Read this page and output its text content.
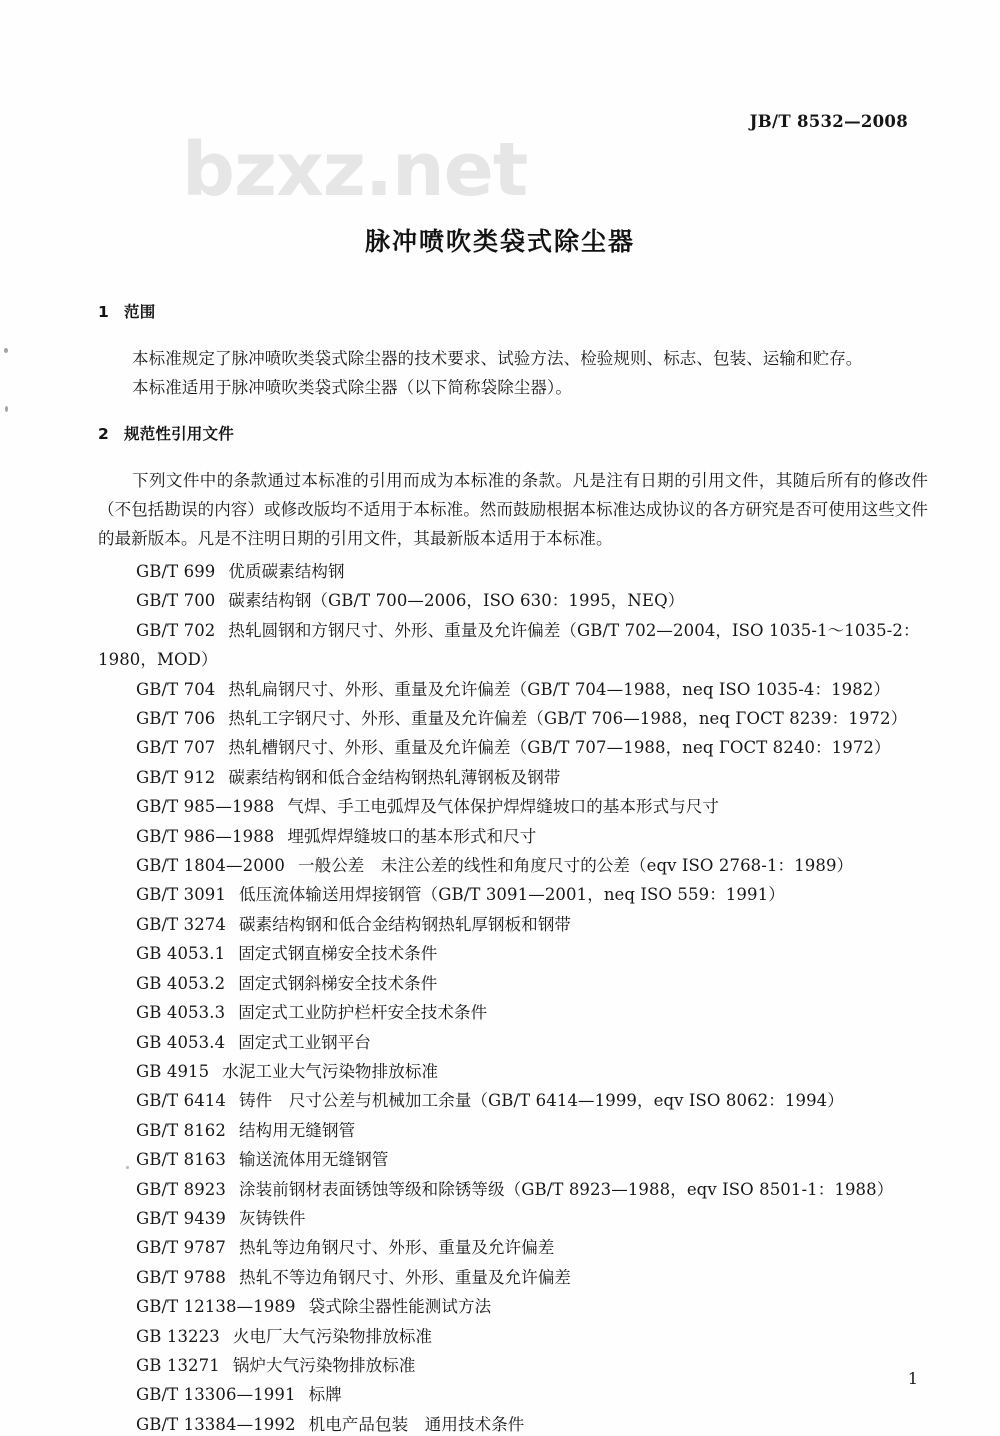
bzxz.net
JB/T 8532—2008
脉冲喷吹类袋式除尘器
1 范围

本标准规定了脉冲喷吹类袋式除尘器的技术要求、试验方法、检验规则、标志、包装、运输和贮存。

本标准适用于脉冲喷吹类袋式除尘器（以下简称袋除尘器）。

2 规范性引用文件

下列文件中的条款通过本标准的引用而成为本标准的条款。凡是注有日期的引用文件，其随后所有的修改件（不包括勘误的内容）或修改版均不适用于本标准。然而鼓励根据本标准达成协议的各方研究是否可使用这些文件的最新版本。凡是不注明日期的引用文件，其最新版本适用于本标准。

GB/T 699 优质碳素结构钢
GB/T 700 碳素结构钢（GB/T 700—2006，ISO 630：1995，NEQ）
GB/T 702 热轧圆钢和方钢尺寸、外形、重量及允许偏差（GB/T 702—2004，ISO 1035-1～1035-2：
1980，MOD）
GB/T 704 热轧扁钢尺寸、外形、重量及允许偏差（GB/T 704—1988，neq ISO 1035-4：1982）
GB/T 706 热轧工字钢尺寸、外形、重量及允许偏差（GB/T 706—1988，neq ГОСТ 8239：1972）
GB/T 707 热轧槽钢尺寸、外形、重量及允许偏差（GB/T 707—1988，neq ГОСТ 8240：1972）
GB/T 912 碳素结构钢和低合金结构钢热轧薄钢板及钢带
GB/T 985—1988 气焊、手工电弧焊及气体保护焊焊缝坡口的基本形式与尺寸
GB/T 986—1988 埋弧焊焊缝坡口的基本形式和尺寸
GB/T 1804—2000 一般公差　未注公差的线性和角度尺寸的公差（eqv ISO 2768-1：1989）
GB/T 3091 低压流体输送用焊接钢管（GB/T 3091—2001，neq ISO 559：1991）
GB/T 3274 碳素结构钢和低合金结构钢热轧厚钢板和钢带
GB 4053.1 固定式钢直梯安全技术条件
GB 4053.2 固定式钢斜梯安全技术条件
GB 4053.3 固定式工业防护栏杆安全技术条件
GB 4053.4 固定式工业钢平台
GB 4915 水泥工业大气污染物排放标准
GB/T 6414 铸件　尺寸公差与机械加工余量（GB/T 6414—1999，eqv ISO 8062：1994）
GB/T 8162 结构用无缝钢管
GB/T 8163 输送流体用无缝钢管
GB/T 8923 涂装前钢材表面锈蚀等级和除锈等级（GB/T 8923—1988，eqv ISO 8501-1：1988）
GB/T 9439 灰铸铁件
GB/T 9787 热轧等边角钢尺寸、外形、重量及允许偏差
GB/T 9788 热轧不等边角钢尺寸、外形、重量及允许偏差
GB/T 12138—1989 袋式除尘器性能测试方法
GB 13223 火电厂大气污染物排放标准
GB 13271 锅炉大气污染物排放标准
GB/T 13306—1991 标牌
GB/T 13384—1992 机电产品包装　通用技术条件
1
